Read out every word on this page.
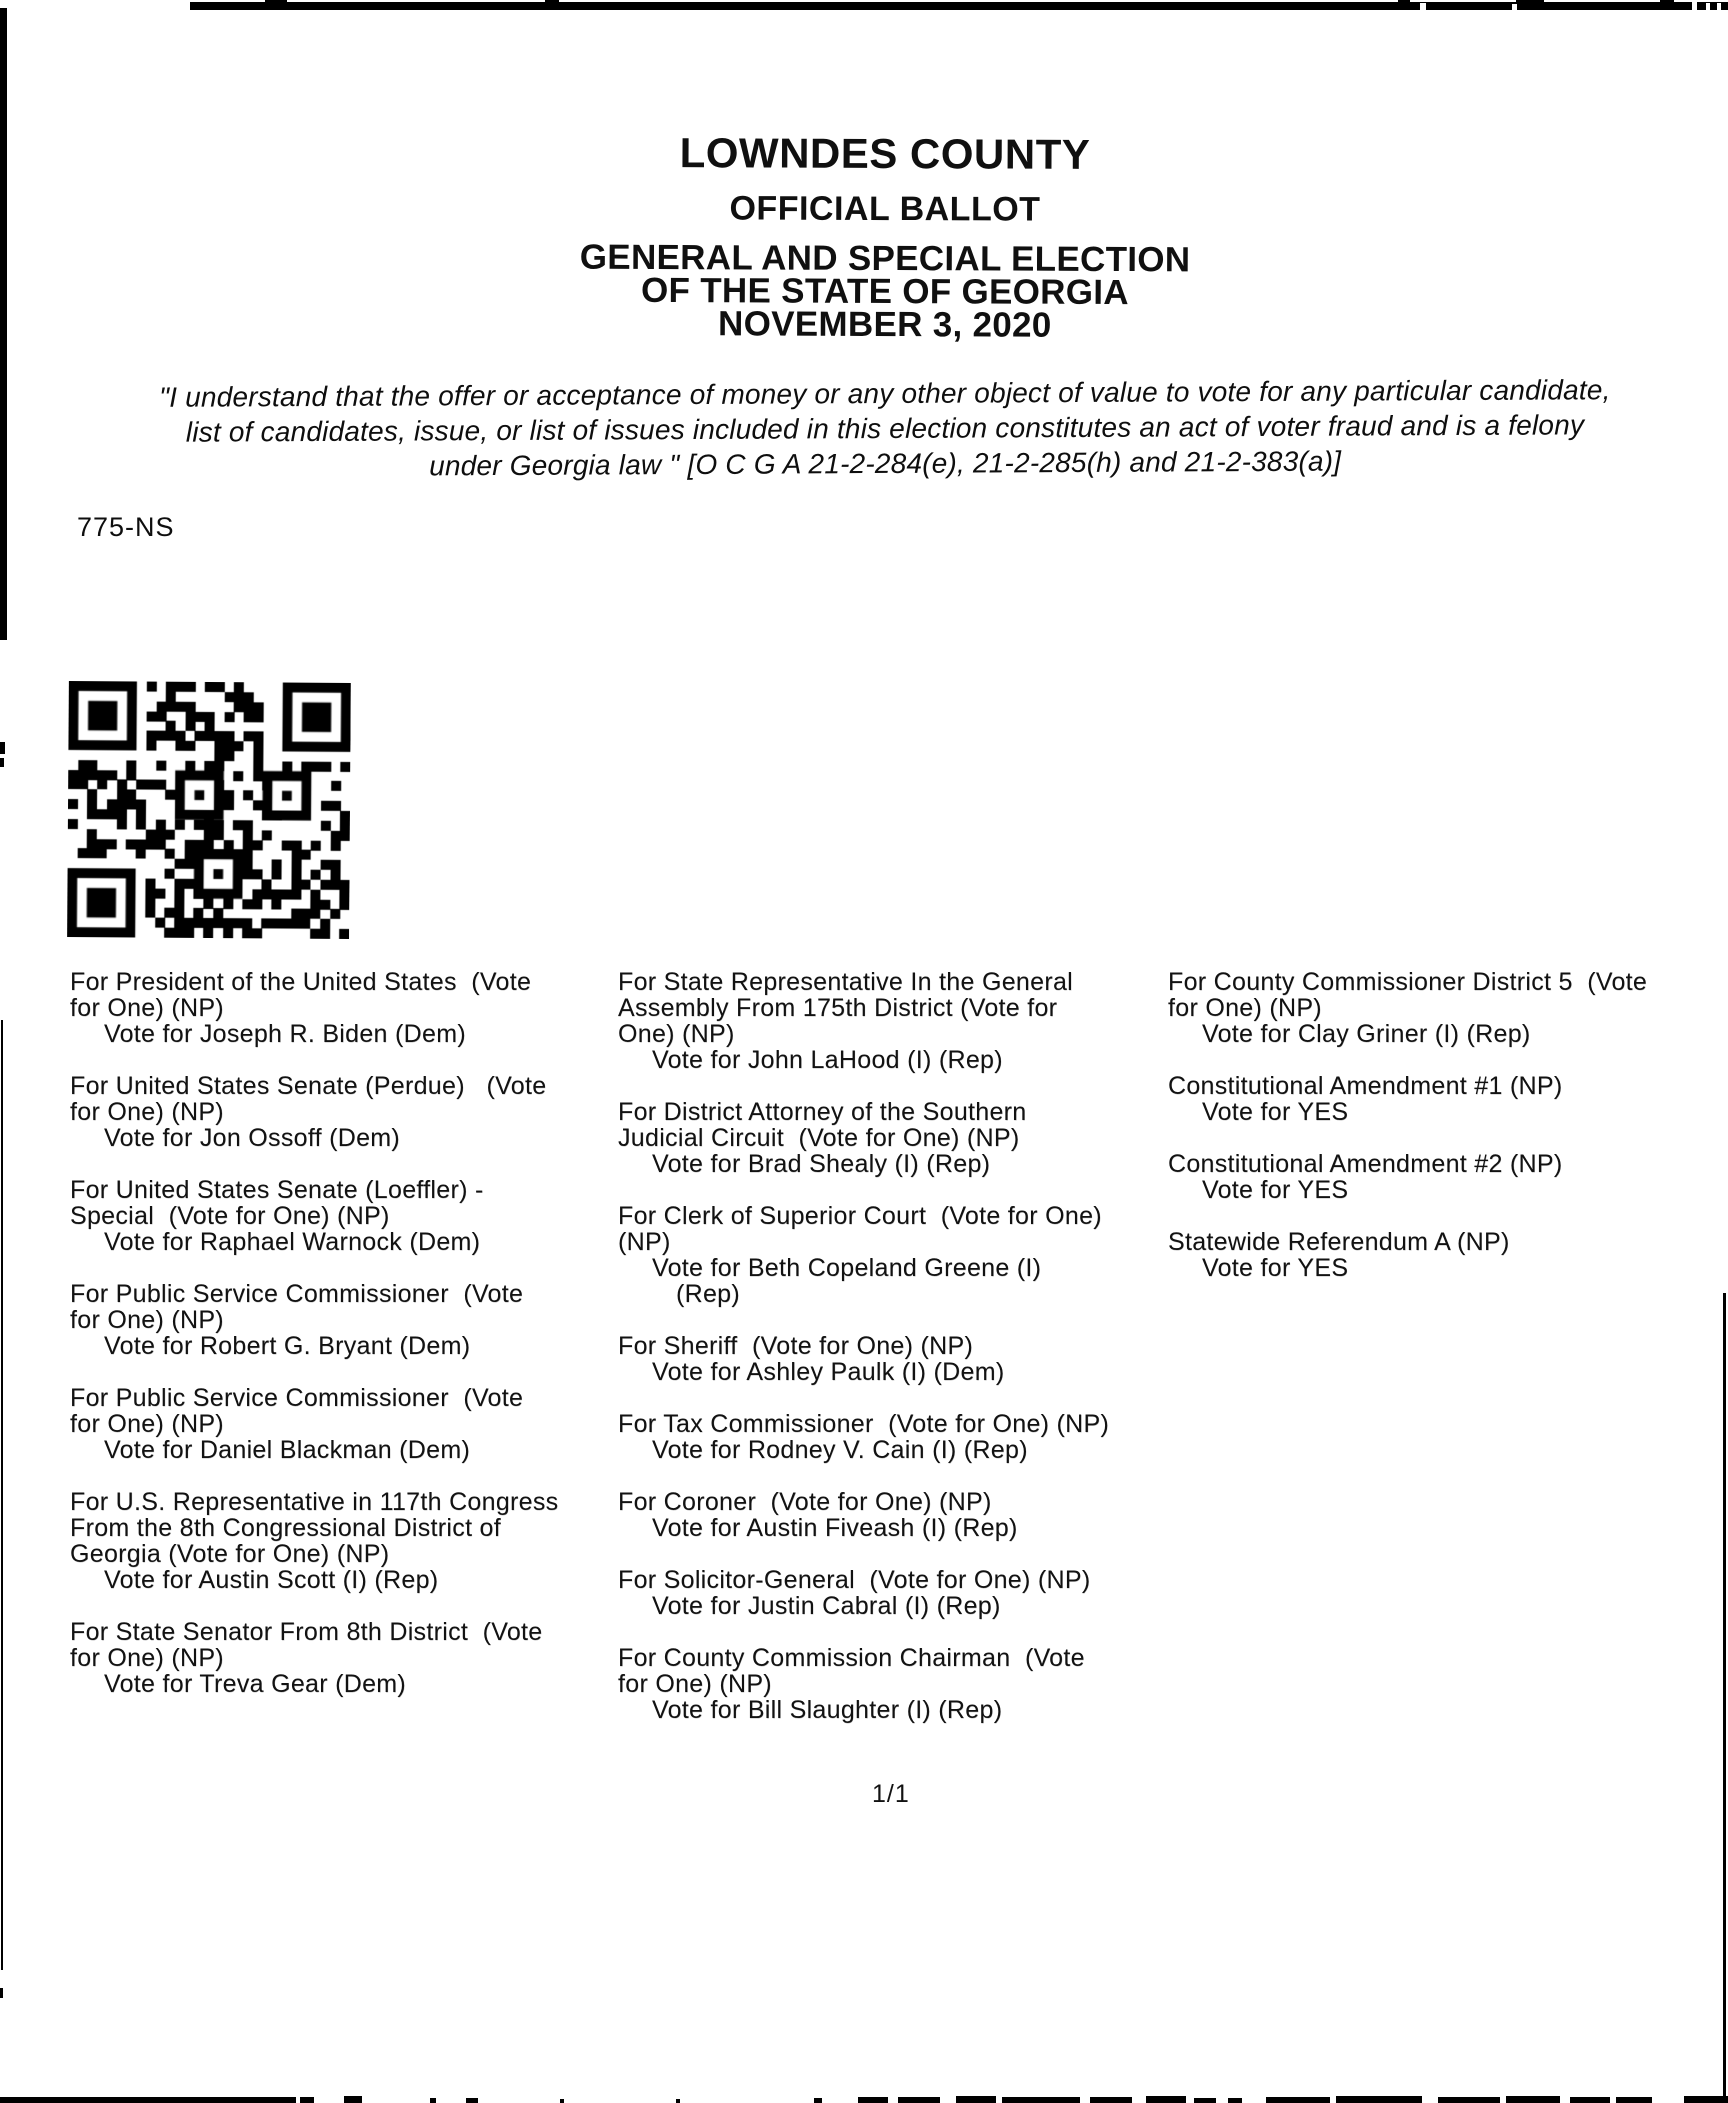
LOWNDES COUNTY
OFFICIAL BALLOT
GENERAL AND SPECIAL ELECTION
OF THE STATE OF GEORGIA
NOVEMBER 3, 2020
"I understand that the offer or acceptance of money or any other object of value to vote for any particular candidate,
list of candidates, issue, or list of issues included in this election constitutes an act of voter fraud and is a felony
under Georgia law " [O C G A 21-2-284(e), 21-2-285(h) and 21-2-383(a)]
775-NS
For President of the United States  (Vote
for One) (NP)
Vote for Joseph R. Biden (Dem)
For United States Senate (Perdue)   (Vote
for One) (NP)
Vote for Jon Ossoff (Dem)
For United States Senate (Loeffler) -
Special  (Vote for One) (NP)
Vote for Raphael Warnock (Dem)
For Public Service Commissioner  (Vote
for One) (NP)
Vote for Robert G. Bryant (Dem)
For Public Service Commissioner  (Vote
for One) (NP)
Vote for Daniel Blackman (Dem)
For U.S. Representative in 117th Congress
From the 8th Congressional District of
Georgia (Vote for One) (NP)
Vote for Austin Scott (I) (Rep)
For State Senator From 8th District  (Vote
for One) (NP)
Vote for Treva Gear (Dem)
For State Representative In the General
Assembly From 175th District (Vote for
One) (NP)
Vote for John LaHood (I) (Rep)
For District Attorney of the Southern
Judicial Circuit  (Vote for One) (NP)
Vote for Brad Shealy (I) (Rep)
For Clerk of Superior Court  (Vote for One)
(NP)
Vote for Beth Copeland Greene (I)
(Rep)
For Sheriff  (Vote for One) (NP)
Vote for Ashley Paulk (I) (Dem)
For Tax Commissioner  (Vote for One) (NP)
Vote for Rodney V. Cain (I) (Rep)
For Coroner  (Vote for One) (NP)
Vote for Austin Fiveash (I) (Rep)
For Solicitor-General  (Vote for One) (NP)
Vote for Justin Cabral (I) (Rep)
For County Commission Chairman  (Vote
for One) (NP)
Vote for Bill Slaughter (I) (Rep)
For County Commissioner District 5  (Vote
for One) (NP)
Vote for Clay Griner (I) (Rep)
Constitutional Amendment #1 (NP)
Vote for YES
Constitutional Amendment #2 (NP)
Vote for YES
Statewide Referendum A (NP)
Vote for YES
1/1
